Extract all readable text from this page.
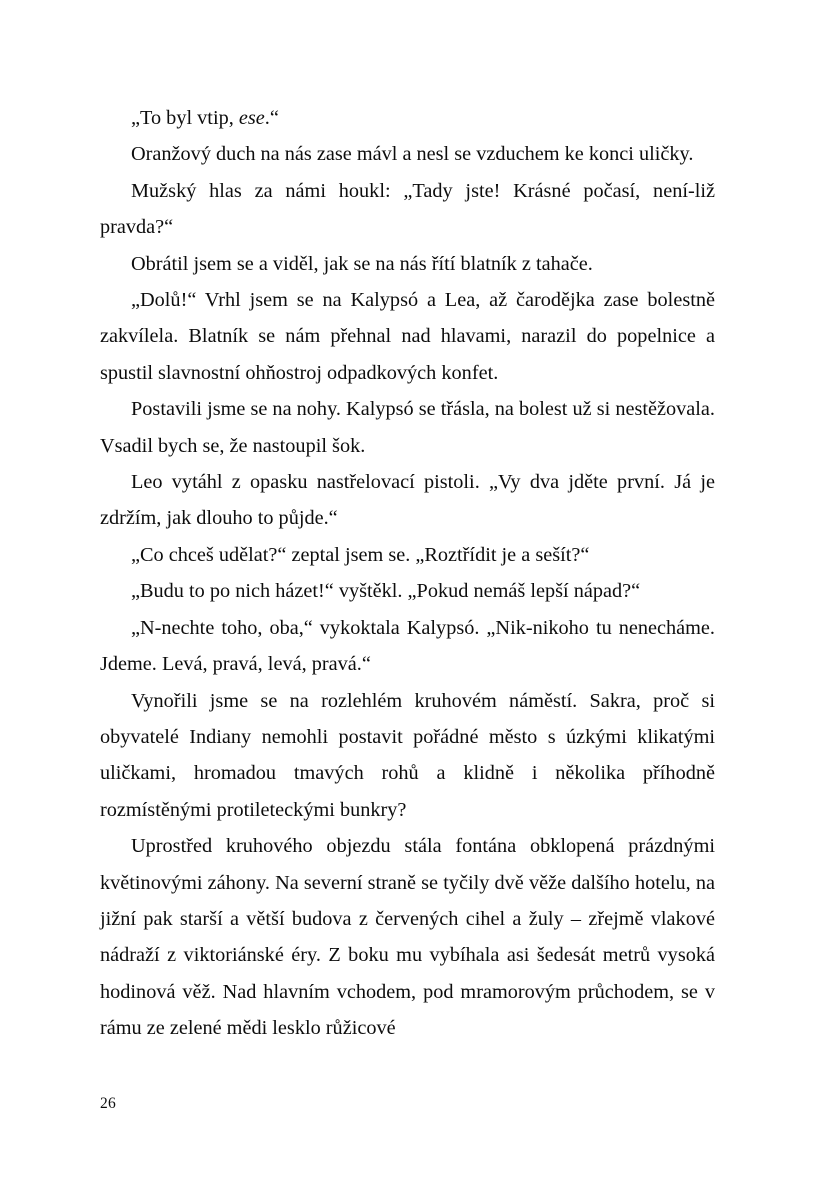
„To byl vtip, ese.“

Oranžový duch na nás zase mávl a nesl se vzduchem ke konci uličky.

Mužský hlas za námi houkl: „Tady jste! Krásné počasí, není-liž pravda?“

Obrátil jsem se a viděl, jak se na nás řítí blatník z tahače.

„Dolů!“ Vrhl jsem se na Kalypsó a Lea, až čarodějka zase bolestně zakvílela. Blatník se nám přehnal nad hlavami, narazil do popelnice a spustil slavnostní ohňostroj odpadkových konfet.

Postavili jsme se na nohy. Kalypsó se třásla, na bolest už si nestěžovala. Vsadil bych se, že nastoupil šok.

Leo vytáhl z opasku nastřelovací pistoli. „Vy dva jděte první. Já je zdržím, jak dlouho to půjde.“

„Co chceš udělat?“ zeptal jsem se. „Roztřídit je a sešít?“

„Budu to po nich házet!“ vyštěkl. „Pokud nemáš lepší nápad?“

„N-nechte toho, oba,“ vykoktala Kalypsó. „Nik-nikoho tu nenecháme. Jdeme. Levá, pravá, levá, pravá.“

Vynořili jsme se na rozlehlém kruhovém náměstí. Sakra, proč si obyvatelé Indiany nemohli postavit pořádné město s úzkými klikatými uličkami, hromadou tmavých rohů a klidně i několika příhodně rozmístěnými protileteckými bunkry?

Uprostřed kruhového objezdu stála fontána obklopená prázdnými květinovými záhony. Na severní straně se tyčily dvě věže dalšího hotelu, na jižní pak starší a větší budova z červených cihel a žuly – zřejmě vlakové nádraží z viktoriánské éry. Z boku mu vybíhala asi šedesát metrů vysoká hodinová věž. Nad hlavním vchodem, pod mramorovým průchodem, se v rámu ze zelené mědi lesklo růžicové

26
